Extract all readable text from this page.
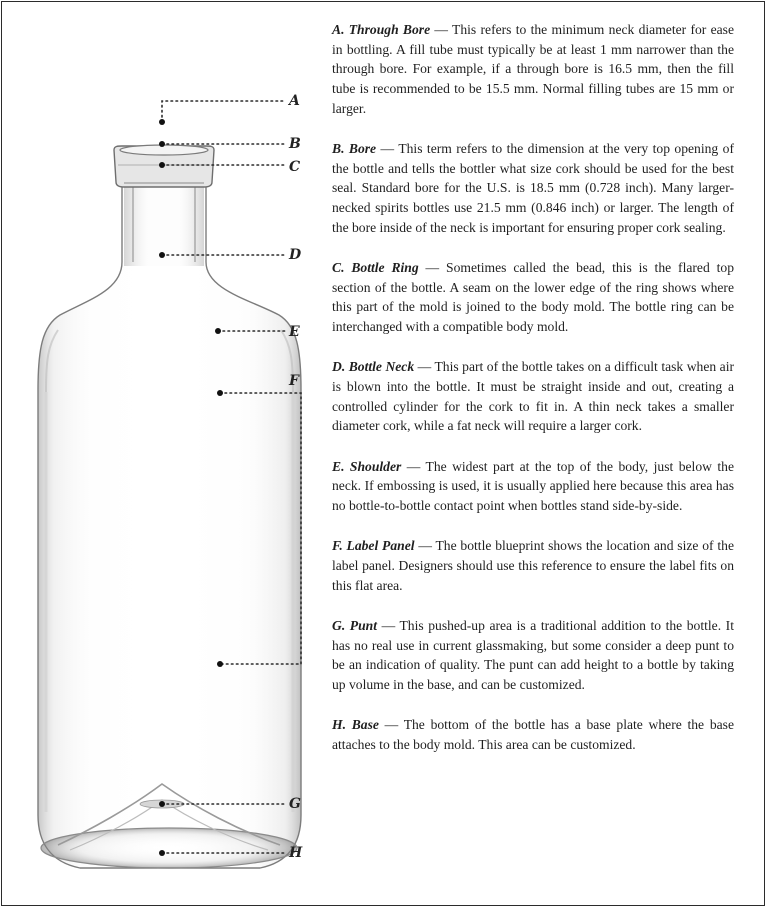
A
B
C
D
E
F
G
H

A. Through Bore — This refers to the minimum neck diameter for ease in bottling. A fill tube must typically be at least 1 mm narrower than the through bore. For example, if a through bore is 16.5 mm, then the fill tube is recommended to be 15.5 mm. Normal filling tubes are 15 mm or larger.

B. Bore — This term refers to the dimension at the very top opening of the bottle and tells the bottler what size cork should be used for the best seal. Standard bore for the U.S. is 18.5 mm (0.728 inch). Many larger-necked spirits bottles use 21.5 mm (0.846 inch) or larger. The length of the bore inside of the neck is important for ensuring proper cork sealing.

C. Bottle Ring — Sometimes called the bead, this is the flared top section of the bottle. A seam on the lower edge of the ring shows where this part of the mold is joined to the body mold. The bottle ring can be interchanged with a compatible body mold.

D. Bottle Neck — This part of the bottle takes on a difficult task when air is blown into the bottle. It must be straight inside and out, creating a controlled cylinder for the cork to fit in. A thin neck takes a smaller diameter cork, while a fat neck will require a larger cork.

E. Shoulder — The widest part at the top of the body, just below the neck. If embossing is used, it is usually applied here because this area has no bottle-to-bottle contact point when bottles stand side-by-side.

F. Label Panel — The bottle blueprint shows the location and size of the label panel. Designers should use this reference to ensure the label fits on this flat area.

G. Punt — This pushed-up area is a traditional addition to the bottle. It has no real use in current glassmaking, but some consider a deep punt to be an indication of quality. The punt can add height to a bottle by taking up volume in the base, and can be customized.

H. Base — The bottom of the bottle has a base plate where the base attaches to the body mold. This area can be customized.
